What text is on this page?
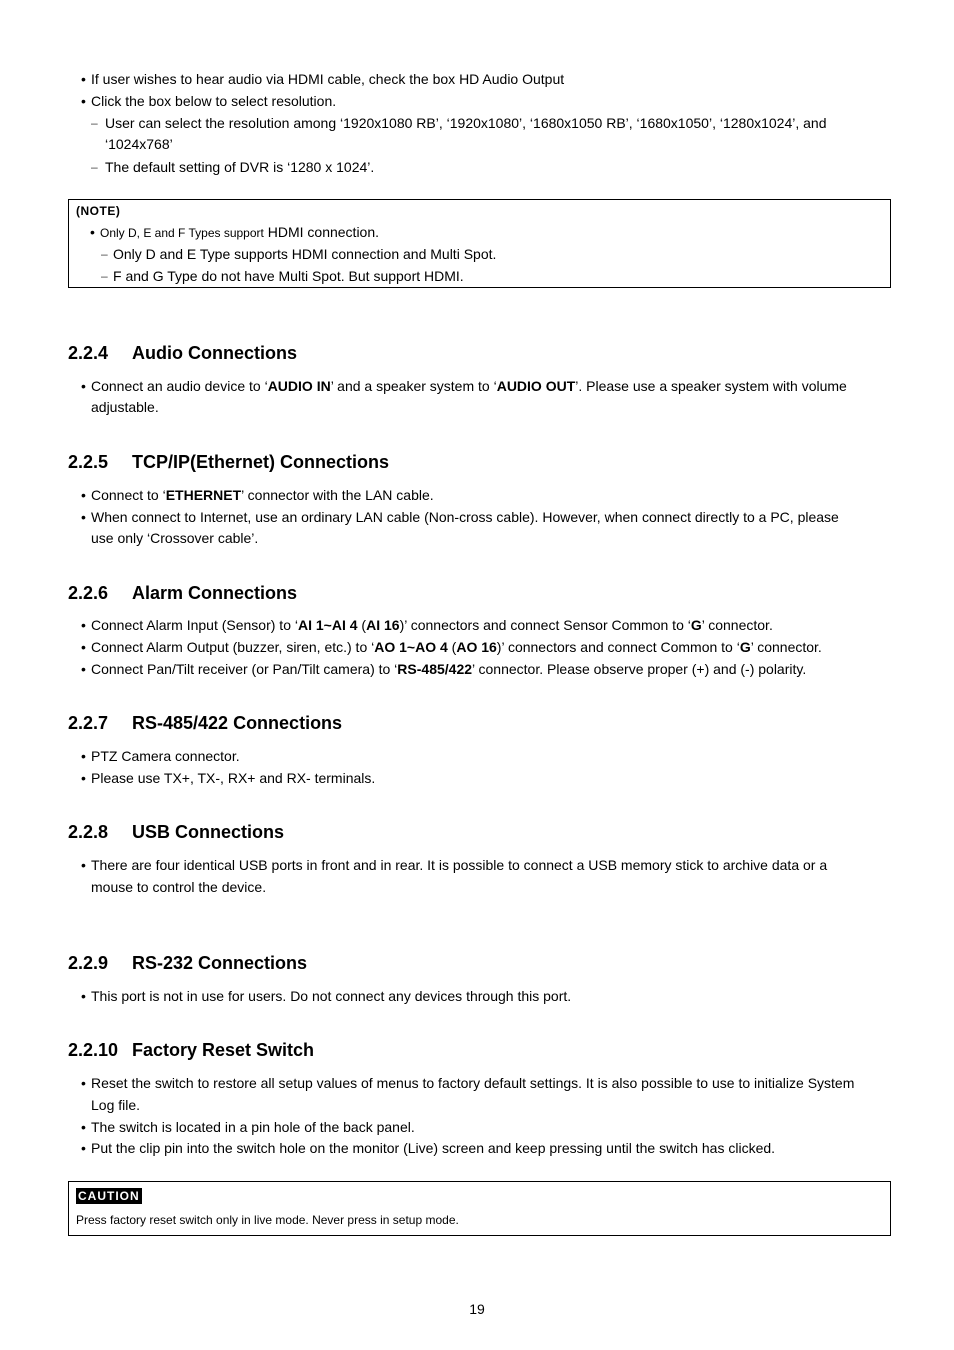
• If user wishes to hear audio via HDMI cable, check the box HD Audio Output
• Click the box below to select resolution.
– User can select the resolution among ‘1920x1080 RB’, ‘1920x1080’, ‘1680x1050 RB’, ‘1680x1050’, ‘1280x1024’, and
‘1024x768’
– The default setting of DVR is ‘1280 x 1024’.
(NOTE)
• Only D, E and F Types support HDMI connection.
– Only D and E Type supports HDMI connection and Multi Spot.
– F and G Type do not have Multi Spot. But support HDMI.
2.2.4 Audio Connections
• Connect an audio device to ‘AUDIO IN’ and a speaker system to ‘AUDIO OUT’. Please use a speaker system with volume
adjustable.
2.2.5 TCP/IP(Ethernet) Connections
• Connect to ‘ETHERNET’ connector with the LAN cable.
• When connect to Internet, use an ordinary LAN cable (Non-cross cable). However, when connect directly to a PC, please
use only ‘Crossover cable’.
2.2.6 Alarm Connections
• Connect Alarm Input (Sensor) to ‘AI 1~AI 4 (AI 16)’ connectors and connect Sensor Common to ‘G’ connector.
• Connect Alarm Output (buzzer, siren, etc.) to ‘AO 1~AO 4 (AO 16)’ connectors and connect Common to ‘G’ connector.
• Connect Pan/Tilt receiver (or Pan/Tilt camera) to ‘RS-485/422’ connector. Please observe proper (+) and (-) polarity.
2.2.7 RS-485/422 Connections
• PTZ Camera connector.
• Please use TX+, TX-, RX+ and RX- terminals.
2.2.8 USB Connections
• There are four identical USB ports in front and in rear. It is possible to connect a USB memory stick to archive data or a
mouse to control the device.
2.2.9 RS-232 Connections
• This port is not in use for users. Do not connect any devices through this port.
2.2.10 Factory Reset Switch
• Reset the switch to restore all setup values of menus to factory default settings. It is also possible to use to initialize System
Log file.
• The switch is located in a pin hole of the back panel.
• Put the clip pin into the switch hole on the monitor (Live) screen and keep pressing until the switch has clicked.
CAUTION
Press factory reset switch only in live mode. Never press in setup mode.
19
